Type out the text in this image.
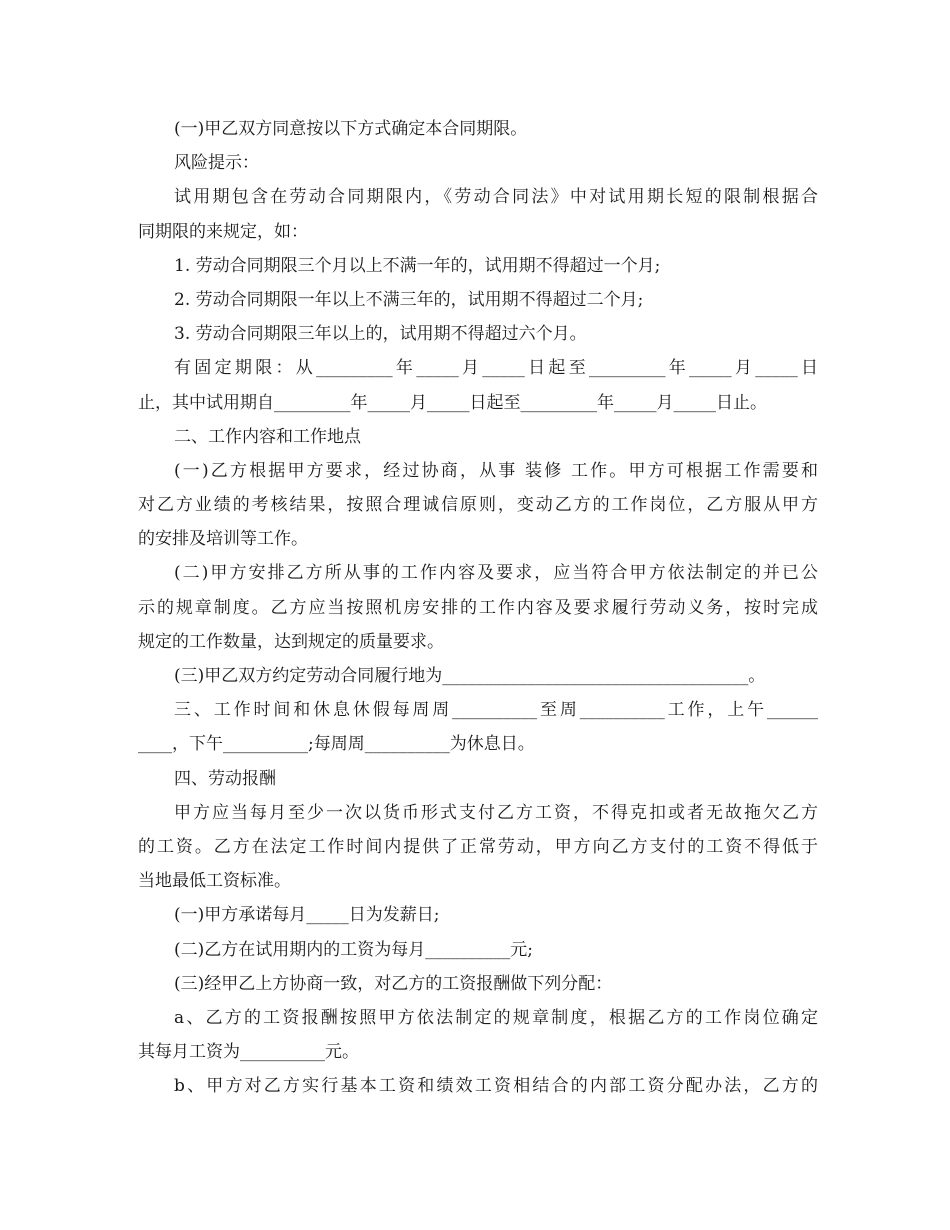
(一)甲乙双方同意按以下方式确定本合同期限。

风险提示：

试用期包含在劳动合同期限内，《劳动合同法》中对试用期长短的限制根据合

同期限的来规定，如：

1. 劳动合同期限三个月以上不满一年的，试用期不得超过一个月;

2. 劳动合同期限一年以上不满三年的，试用期不得超过二个月;

3. 劳动合同期限三年以上的，试用期不得超过六个月。

有固定期限：从_________年_____月_____日起至_________年_____月_____日

止，其中试用期自_________年_____月_____日起至_________年_____月_____日止。

二、工作内容和工作地点

(一)乙方根据甲方要求，经过协商，从事 装修 工作。甲方可根据工作需要和

对乙方业绩的考核结果，按照合理诚信原则，变动乙方的工作岗位，乙方服从甲方

的安排及培训等工作。

(二)甲方安排乙方所从事的工作内容及要求，应当符合甲方依法制定的并已公

示的规章制度。乙方应当按照机房安排的工作内容及要求履行劳动义务，按时完成

规定的工作数量，达到规定的质量要求。

(三)甲乙双方约定劳动合同履行地为____________________________________。

三、工作时间和休息休假每周周__________至周__________工作，上午______

____，下午__________;每周周__________为休息日。

四、劳动报酬

甲方应当每月至少一次以货币形式支付乙方工资，不得克扣或者无故拖欠乙方

的工资。乙方在法定工作时间内提供了正常劳动，甲方向乙方支付的工资不得低于

当地最低工资标准。

(一)甲方承诺每月_____日为发薪日;

(二)乙方在试用期内的工资为每月__________元;

(三)经甲乙上方协商一致，对乙方的工资报酬做下列分配：

a、乙方的工资报酬按照甲方依法制定的规章制度，根据乙方的工作岗位确定

其每月工资为__________元。

b、甲方对乙方实行基本工资和绩效工资相结合的内部工资分配办法，乙方的
